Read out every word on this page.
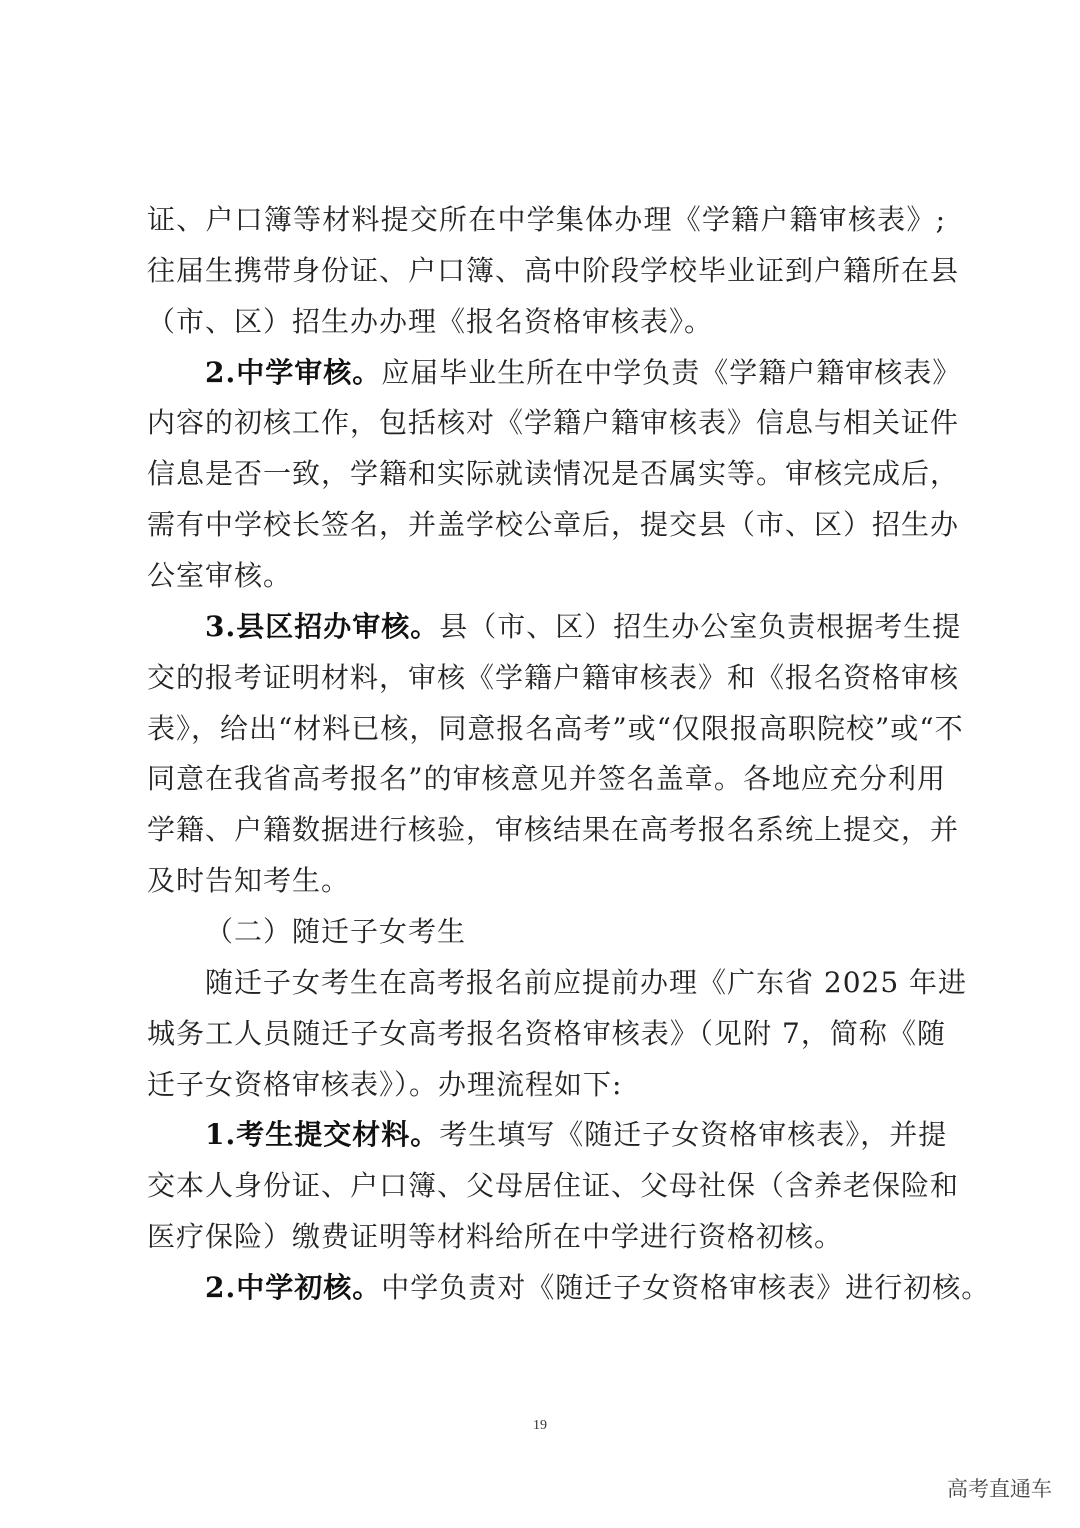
证、户口簿等材料提交所在中学集体办理《学籍户籍审核表》;
往届生携带身份证、户口簿、高中阶段学校毕业证到户籍所在县
（市、区）招生办办理《报名资格审核表》。
2.中学审核。应届毕业生所在中学负责《学籍户籍审核表》
内容的初核工作，包括核对《学籍户籍审核表》信息与相关证件
信息是否一致，学籍和实际就读情况是否属实等。审核完成后，
需有中学校长签名，并盖学校公章后，提交县（市、区）招生办
公室审核。
3.县区招办审核。县（市、区）招生办公室负责根据考生提
交的报考证明材料，审核《学籍户籍审核表》和《报名资格审核
表》，给出“材料已核，同意报名高考”或“仅限报高职院校”或“不
同意在我省高考报名”的审核意见并签名盖章。各地应充分利用
学籍、户籍数据进行核验，审核结果在高考报名系统上提交，并
及时告知考生。
（二）随迁子女考生
随迁子女考生在高考报名前应提前办理《广东省 2025 年进
城务工人员随迁子女高考报名资格审核表》（见附 7，简称《随
迁子女资格审核表》）。办理流程如下:
1.考生提交材料。考生填写《随迁子女资格审核表》，并提
交本人身份证、户口簿、父母居住证、父母社保（含养老保险和
医疗保险）缴费证明等材料给所在中学进行资格初核。
2.中学初核。中学负责对《随迁子女资格审核表》进行初核。
19
高考直通车
